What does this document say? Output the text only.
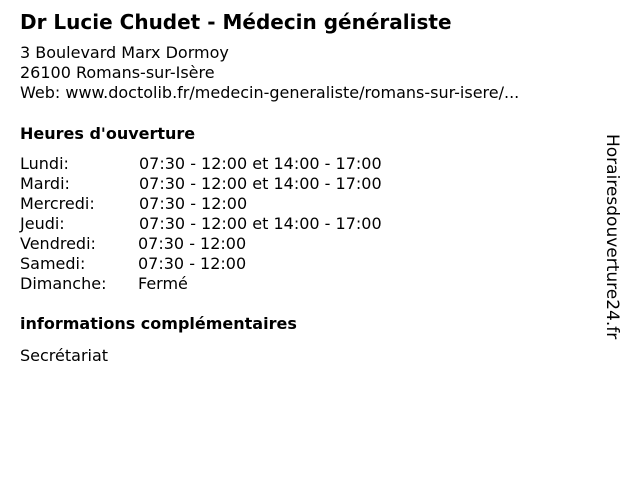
Dr Lucie Chudet - Médecin généraliste
3 Boulevard Marx Dormoy
26100 Romans-sur-Isère
Web: www.doctolib.fr/medecin-generaliste/romans-sur-isere/...
Heures d'ouverture
Lundi:	07:30 - 12:00 et 14:00 - 17:00
Mardi:	07:30 - 12:00 et 14:00 - 17:00
Mercredi:	07:30 - 12:00
Jeudi:	07:30 - 12:00 et 14:00 - 17:00
Vendredi:	07:30 - 12:00
Samedi:	07:30 - 12:00
Dimanche: Fermé
informations complémentaires
Secrétariat
Horairesdouverture24.fr
